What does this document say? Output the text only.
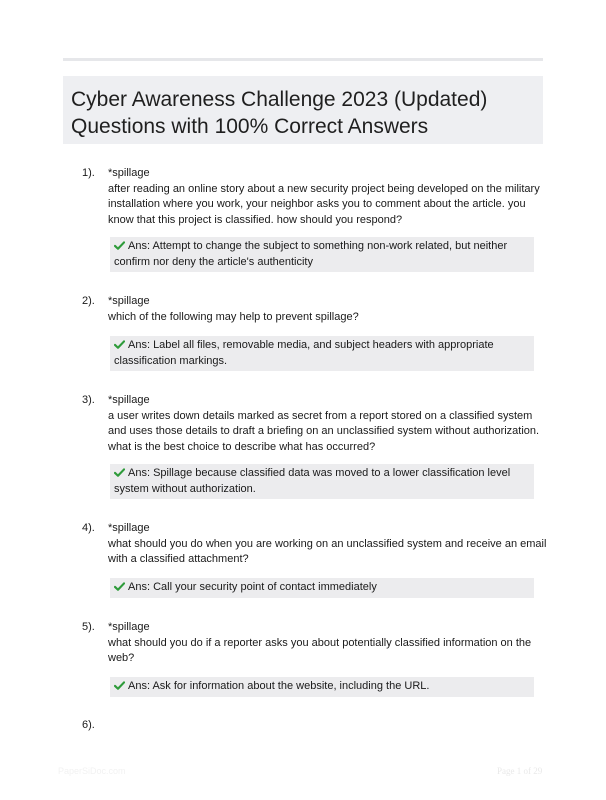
Cyber Awareness Challenge 2023 (Updated)
Questions with 100% Correct Answers
1). *spillage
after reading an online story about a new security project being developed on the military
installation where you work, your neighbor asks you to comment about the article. you
know that this project is classified. how should you respond?
Ans: Attempt to change the subject to something non-work related, but neither
confirm nor deny the article's authenticity
2). *spillage
which of the following may help to prevent spillage?
Ans: Label all files, removable media, and subject headers with appropriate
classification markings.
3). *spillage
a user writes down details marked as secret from a report stored on a classified system
and uses those details to draft a briefing on an unclassified system without authorization.
what is the best choice to describe what has occurred?
Ans: Spillage because classified data was moved to a lower classification level
system without authorization.
4). *spillage
what should you do when you are working on an unclassified system and receive an email
with a classified attachment?
Ans: Call your security point of contact immediately
5). *spillage
what should you do if a reporter asks you about potentially classified information on the
web?
Ans: Ask for information about the website, including the URL.
6).
PaperSiDoc.com	Page 1 of 29
